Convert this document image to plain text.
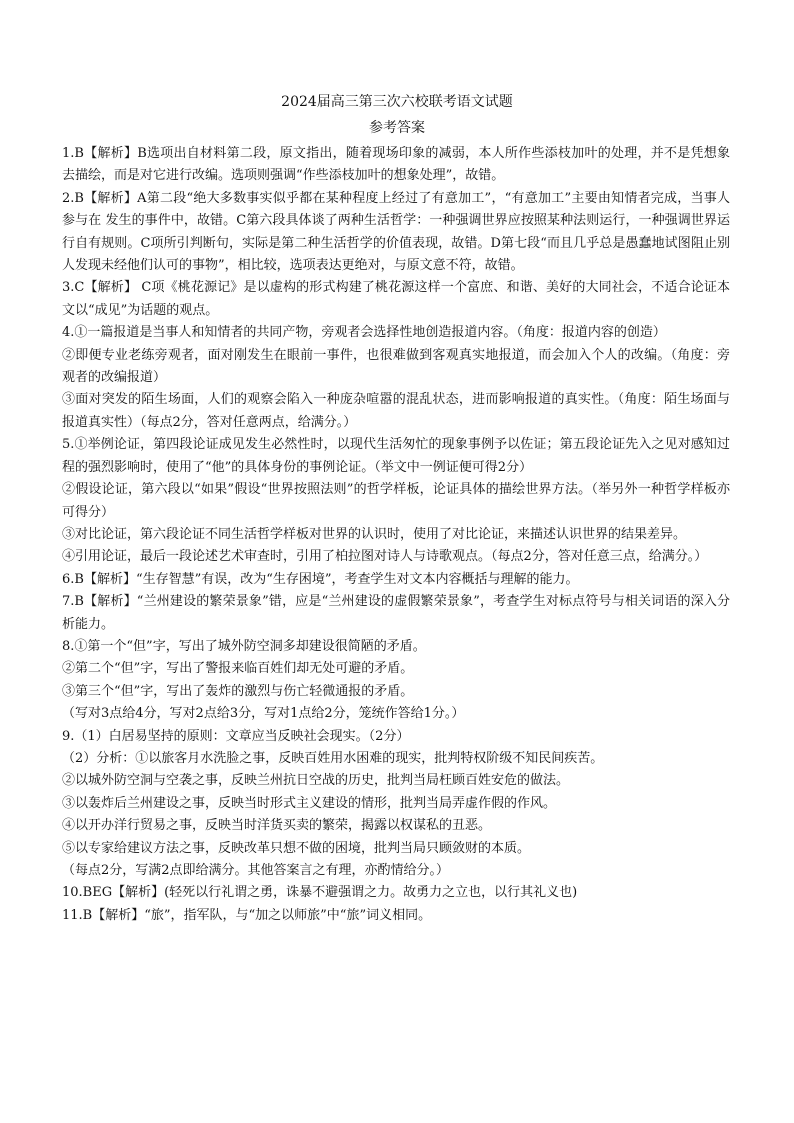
2024届高三第三次六校联考语文试题
参考答案

1.B【解析】B选项出自材料第二段，原文指出，随着现场印象的减弱，本人所作些添枝加叶的处理，并不是凭想象去描绘，而是对它进行改编。选项则强调“作些添枝加叶的想象处理”，故错。

2.B【解析】A第二段“绝大多数事实似乎都在某种程度上经过了有意加工”，“有意加工”主要由知情者完成，当事人参与在 发生的事件中，故错。C第六段具体谈了两种生活哲学：一种强调世界应按照某种法则运行，一种强调世界运行自有规则。C项所引判断句，实际是第二种生活哲学的价值表现，故错。D第七段“而且几乎总是愚蠢地试图阻止别人发现未经他们认可的事物”，相比较，选项表达更绝对，与原文意不符，故错。

3.C【解析】 C项《桃花源记》是以虚构的形式构建了桃花源这样一个富庶、和谐、美好的大同社会，不适合论证本文以“成见”为话题的观点。

4.①一篇报道是当事人和知情者的共同产物，旁观者会选择性地创造报道内容。（角度：报道内容的创造）

②即便专业老练旁观者，面对刚发生在眼前一事件，也很难做到客观真实地报道，而会加入个人的改编。（角度：旁观者的改编报道）

③面对突发的陌生场面，人们的观察会陷入一种庞杂喧嚣的混乱状态，进而影响报道的真实性。（角度：陌生场面与报道真实性）（每点2分，答对任意两点，给满分。）

5.①举例论证，第四段论证成见发生必然性时，以现代生活匆忙的现象事例予以佐证；第五段论证先入之见对感知过程的强烈影响时，使用了“他”的具体身份的事例论证。（举文中一例证便可得2分）

②假设论证，第六段以“如果”假设“世界按照法则”的哲学样板，论证具体的描绘世界方法。（举另外一种哲学样板亦可得分）

③对比论证，第六段论证不同生活哲学样板对世界的认识时，使用了对比论证，来描述认识世界的结果差异。

④引用论证，最后一段论述艺术审查时，引用了柏拉图对诗人与诗歌观点。（每点2分，答对任意三点，给满分。）

6.B【解析】“生存智慧”有误，改为“生存困境”，考查学生对文本内容概括与理解的能力。

7.B【解析】“兰州建设的繁荣景象”错，应是“兰州建设的虚假繁荣景象”，考查学生对标点符号与相关词语的深入分析能力。

8.①第一个“但”字，写出了城外防空洞多却建设很简陋的矛盾。

②第二个“但”字，写出了警报来临百姓们却无处可避的矛盾。

③第三个“但”字，写出了轰炸的激烈与伤亡轻微通报的矛盾。

（写对3点给4分，写对2点给3分，写对1点给2分，笼统作答给1分。）

9.（1）白居易坚持的原则：文章应当反映社会现实。（2分）

（2）分析：①以旅客月水洗脸之事，反映百姓用水困难的现实，批判特权阶级不知民间疾苦。

②以城外防空洞与空袭之事，反映兰州抗日空战的历史，批判当局枉顾百姓安危的做法。

③以轰炸后兰州建设之事，反映当时形式主义建设的情形，批判当局弄虚作假的作风。

④以开办洋行贸易之事，反映当时洋货买卖的繁荣，揭露以权谋私的丑恶。

⑤以专家给建议方法之事，反映改革只想不做的困境，批判当局只顾敛财的本质。

（每点2分，写满2点即给满分。其他答案言之有理，亦酌情给分。）

10.BEG【解析】(轻死以行礼谓之勇，诛暴不避强谓之力。故勇力之立也，以行其礼义也)

11.B【解析】“旅”，指军队，与“加之以师旅”中“旅”词义相同。
